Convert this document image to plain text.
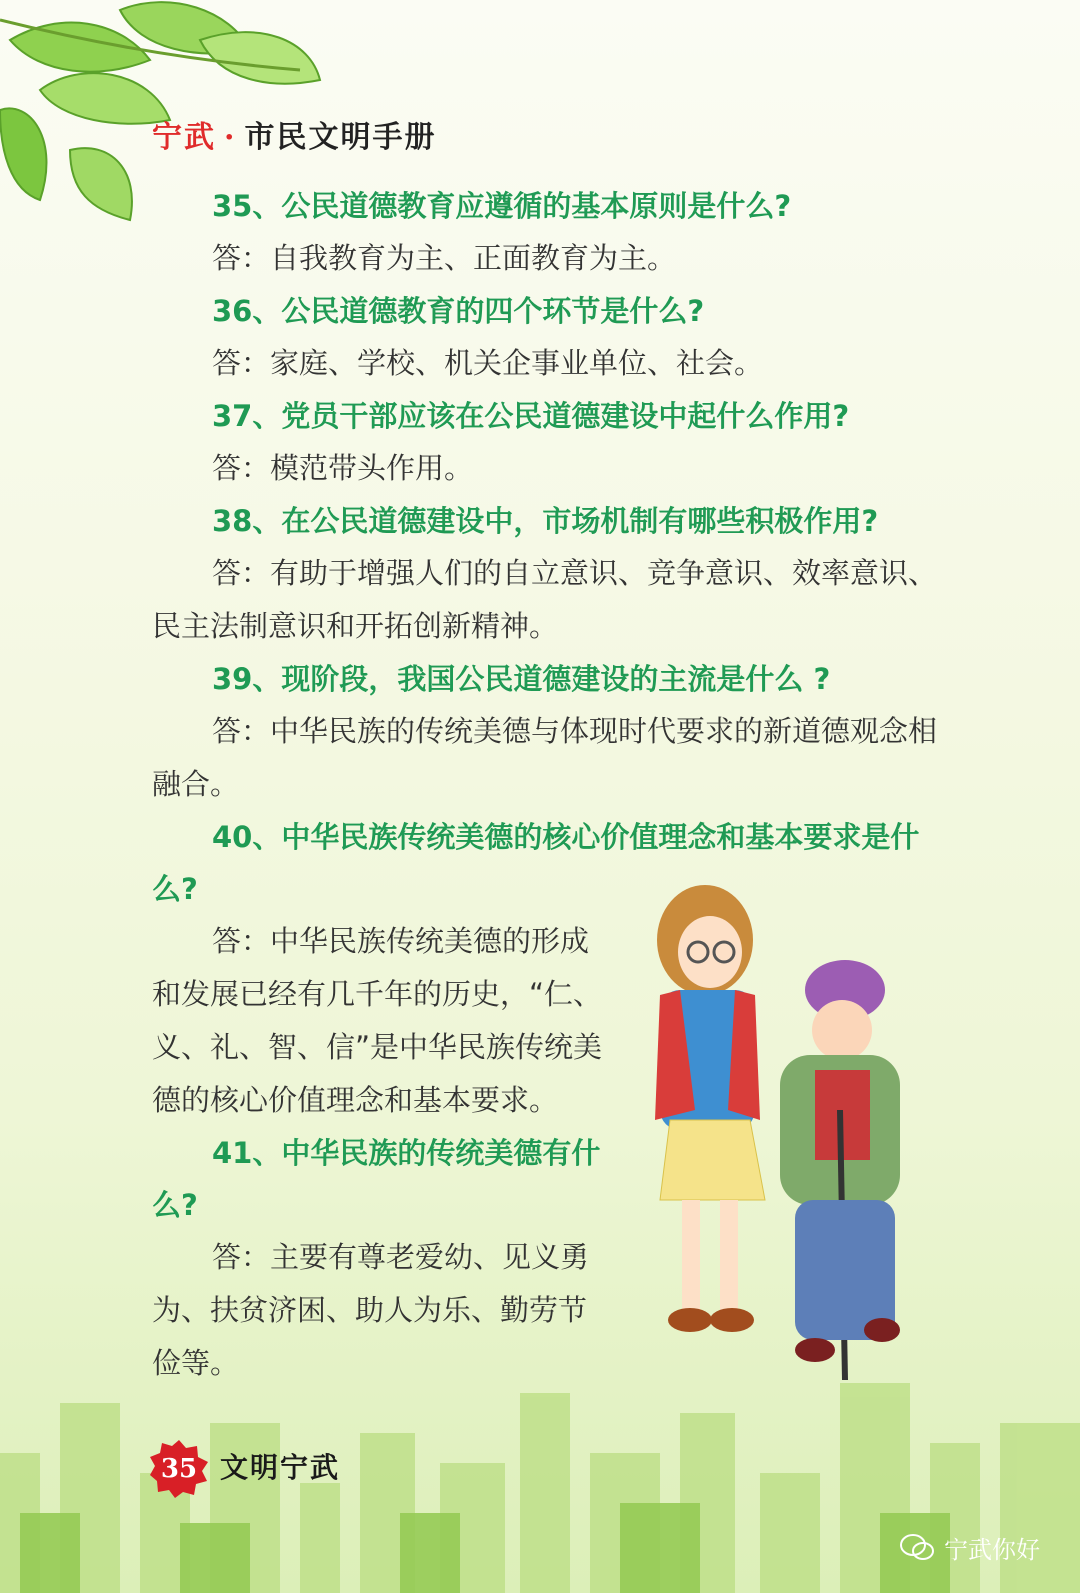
宁武 · 市民文明手册

35、公民道德教育应遵循的基本原则是什么?

答：自我教育为主、正面教育为主。

36、公民道德教育的四个环节是什么?

答：家庭、学校、机关企事业单位、社会。

37、党员干部应该在公民道德建设中起什么作用?

答：模范带头作用。

38、在公民道德建设中，市场机制有哪些积极作用?

答：有助于增强人们的自立意识、竞争意识、效率意识、民主法制意识和开拓创新精神。

39、现阶段，我国公民道德建设的主流是什么 ?

答：中华民族的传统美德与体现时代要求的新道德观念相融合。

40、中华民族传统美德的核心价值理念和基本要求是什么?

答：中华民族传统美德的形成和发展已经有几千年的历史，“仁、义、礼、智、信”是中华民族传统美德的核心价值理念和基本要求。

41、中华民族的传统美德有什么?

答：主要有尊老爱幼、见义勇为、扶贫济困、助人为乐、勤劳节俭等。

35 文明宁武
宁武你好
